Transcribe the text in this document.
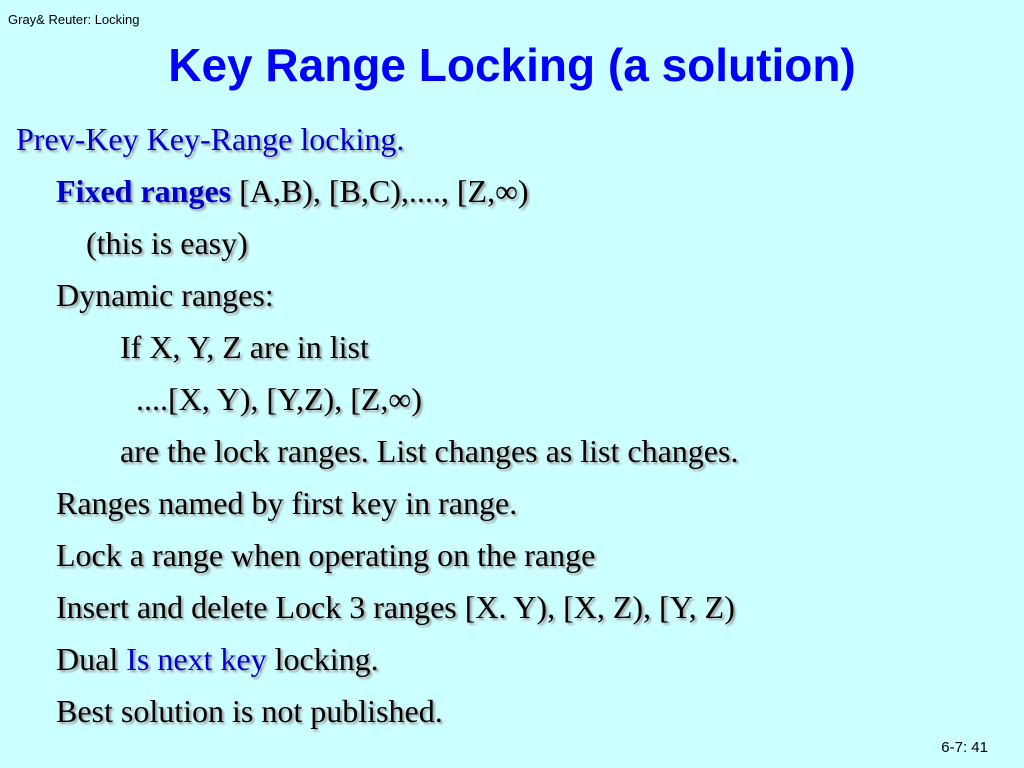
Gray& Reuter: Locking
Key Range Locking (a solution)
Prev-Key Key-Range locking.
Fixed ranges [A,B), [B,C),...., [Z,∞)
(this is easy)
Dynamic ranges:
If X, Y, Z are in list
....[X, Y), [Y,Z), [Z,∞)
are the lock ranges. List changes as list changes.
Ranges named by first key in range.
Lock a range when operating on the range
Insert and delete Lock 3 ranges [X. Y), [X, Z), [Y, Z)
Dual Is next key locking.
Best solution is not published.
6-7: 41
